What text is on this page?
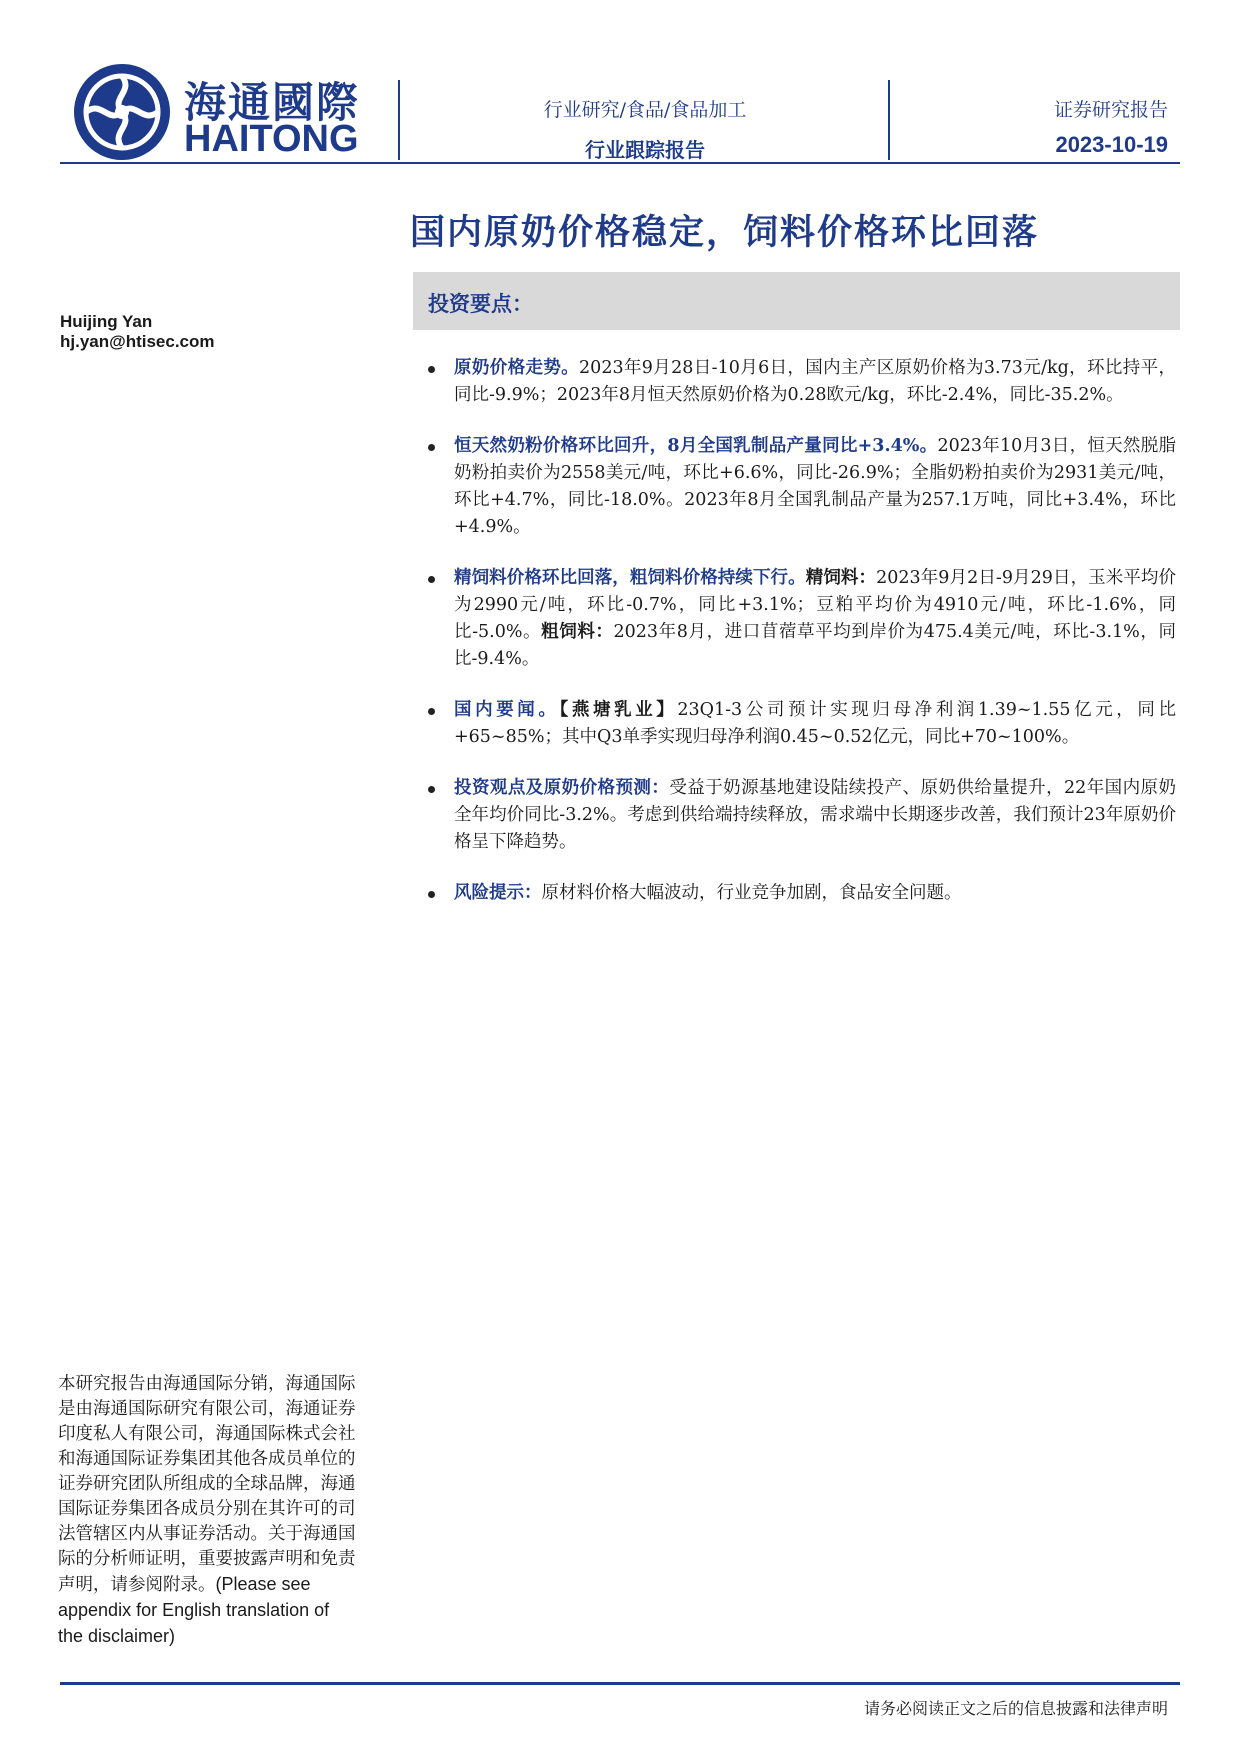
海通國際
HAITONG
行业研究/食品/食品加工
行业跟踪报告
证券研究报告
2023-10-19
国内原奶价格稳定，饲料价格环比回落
投资要点：
Huijing Yan
hj.yan@htisec.com
原奶价格走势。2023年9月28日-10月6日，国内主产区原奶价格为3.73元/kg，环比持平，同比-9.9%；2023年8月恒天然原奶价格为0.28欧元/kg，环比-2.4%，同比-35.2%。
恒天然奶粉价格环比回升，8月全国乳制品产量同比+3.4%。2023年10月3日，恒天然脱脂奶粉拍卖价为2558美元/吨，环比+6.6%，同比-26.9%；全脂奶粉拍卖价为2931美元/吨，环比+4.7%，同比-18.0%。2023年8月全国乳制品产量为257.1万吨，同比+3.4%，环比+4.9%。
精饲料价格环比回落，粗饲料价格持续下行。精饲料：2023年9月2日-9月29日，玉米平均价为2990元/吨，环比-0.7%，同比+3.1%；豆粕平均价为4910元/吨，环比-1.6%，同比-5.0%。粗饲料：2023年8月，进口苜蓿草平均到岸价为475.4美元/吨，环比-3.1%，同比-9.4%。
国内要闻。【燕塘乳业】23Q1-3公司预计实现归母净利润1.39~1.55亿元，同比+65~85%；其中Q3单季实现归母净利润0.45~0.52亿元，同比+70~100%。
投资观点及原奶价格预测：受益于奶源基地建设陆续投产、原奶供给量提升，22年国内原奶全年均价同比-3.2%。考虑到供给端持续释放，需求端中长期逐步改善，我们预计23年原奶价格呈下降趋势。
风险提示：原材料价格大幅波动，行业竞争加剧，食品安全问题。
本研究报告由海通国际分销，海通国际是由海通国际研究有限公司，海通证券印度私人有限公司，海通国际株式会社和海通国际证券集团其他各成员单位的证券研究团队所组成的全球品牌，海通国际证券集团各成员分别在其许可的司法管辖区内从事证券活动。关于海通国际的分析师证明，重要披露声明和免责声明，请参阅附录。(Please see appendix for English translation of the disclaimer)
请务必阅读正文之后的信息披露和法律声明
